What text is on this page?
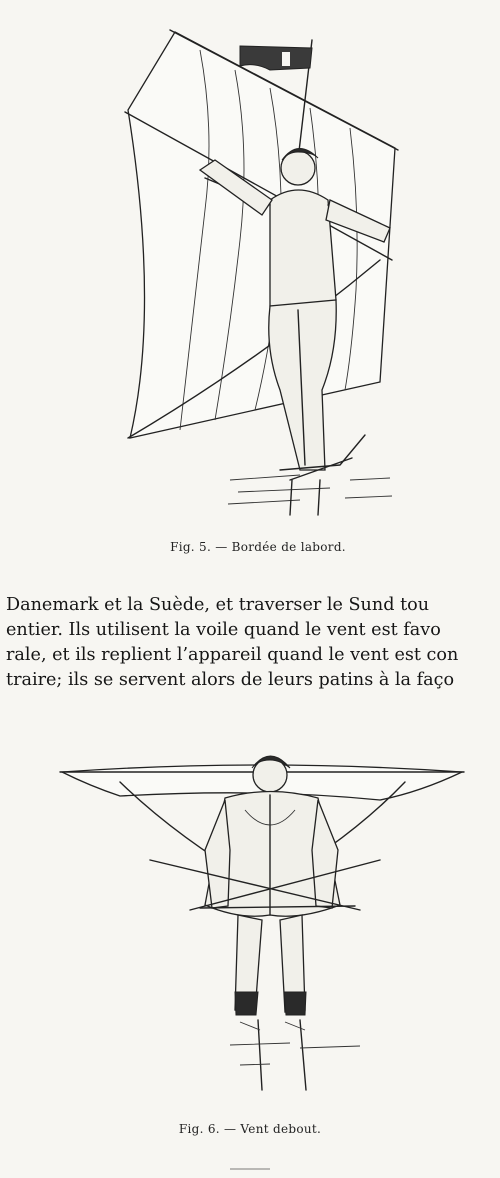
Fig. 5. — Bordée de labord.
Danemark et la Suède, et traverser le Sund tou
entier. Ils utilisent la voile quand le vent est favo
rale, et ils replient l’appareil quand le vent est con
traire; ils se servent alors de leurs patins à la faço
Fig. 6. — Vent debout.
